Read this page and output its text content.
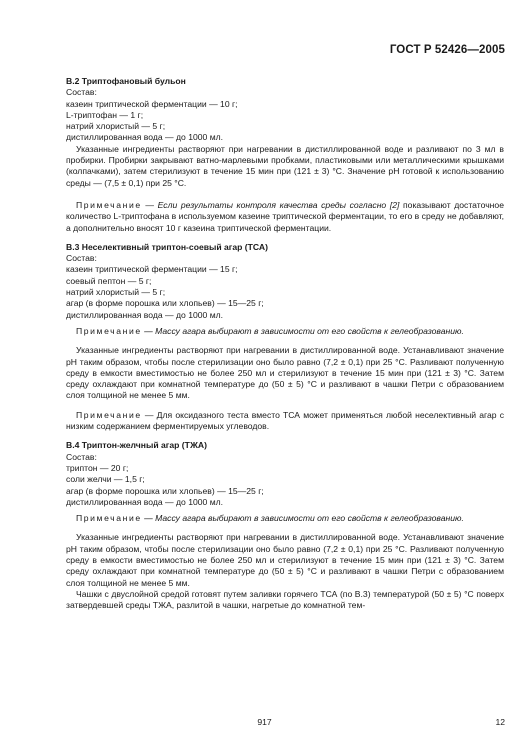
ГОСТ Р 52426—2005

В.2 Триптофановый бульон

Состав:

казеин триптической ферментации — 10 г;

L-триптофан — 1 г;

натрий хлористый — 5 г;

дистиллированная вода — до 1000 мл.

Указанные ингредиенты растворяют при нагревании в дистиллированной воде и разливают по 3 мл в пробирки. Пробирки закрывают ватно-марлевыми пробками, пластиковыми или металлическими крышками (колпачками), затем стерилизуют в течение 15 мин при (121 ± 3) °С. Значение рН готовой к использованию среды — (7,5 ± 0,1) при 25 °С.

Примечание — Если результаты контроля качества среды согласно [2] показывают достаточное количество L-триптофана в используемом казеине триптической ферментации, то его в среду не добавляют, а дополнительно вносят 10 г казеина триптической ферментации.

В.3 Неселективный триптон-соевый агар (ТСА)

Состав:

казеин триптической ферментации — 15 г;

соевый пептон — 5 г;

натрий хлористый — 5 г;

агар (в форме порошка или хлопьев) — 15—25 г;

дистиллированная вода — до 1000 мл.

Примечание — Массу агара выбирают в зависимости от его свойств к гелеобразованию.

Указанные ингредиенты растворяют при нагревании в дистиллированной воде. Устанавливают значение рН таким образом, чтобы после стерилизации оно было равно (7,2 ± 0,1) при 25 °С. Разливают полученную среду в емкости вместимостью не более 250 мл и стерилизуют в течение 15 мин при (121 ± 3) °С. Затем среду охлаждают при комнатной температуре до (50 ± 5) °С и разливают в чашки Петри с образованием слоя толщиной не менее 5 мм.

Примечание — Для оксидазного теста вместо ТСА может применяться любой неселективный агар с низким содержанием ферментируемых углеводов.

В.4 Триптон-желчный агар (ТЖА)

Состав:

триптон — 20 г;

соли желчи — 1,5 г;

агар (в форме порошка или хлопьев) — 15—25 г;

дистиллированная вода — до 1000 мл.

Примечание — Массу агара выбирают в зависимости от его свойств к гелеобразованию.

Указанные ингредиенты растворяют при нагревании в дистиллированной воде. Устанавливают значение рН таким образом, чтобы после стерилизации оно было равно (7,2 ± 0,1) при 25 °С. Разливают полученную среду в емкости вместимостью не более 250 мл и стерилизуют в течение 15 мин при (121 ± 3) °С. Затем среду охлаждают при комнатной температуре до (50 ± 5) °С и разливают в чашки Петри с образованием слоя толщиной не менее 5 мм.

Чашки с двуслойной средой готовят путем заливки горячего ТСА (по В.3) температурой (50 ± 5) °С поверх затвердевшей среды ТЖА, разлитой в чашки, нагретые до комнатной тем-

917	12
